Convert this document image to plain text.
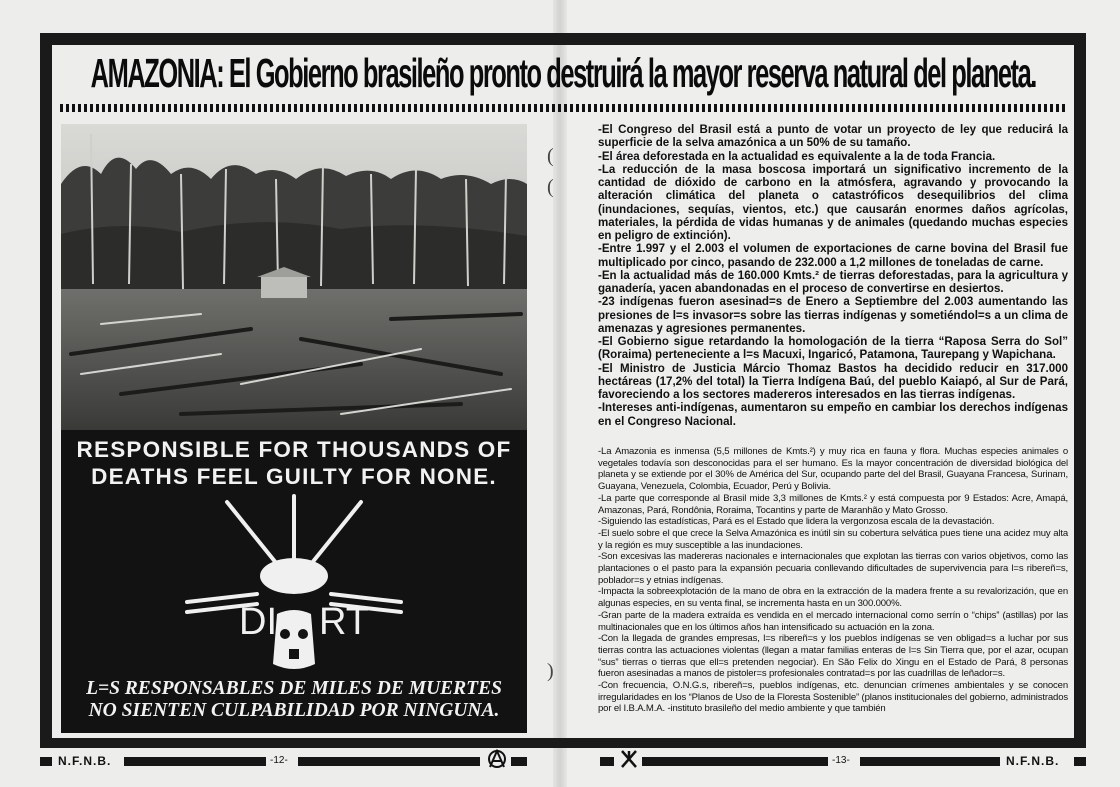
AMAZONIA: El Gobierno brasileño pronto destruirá la mayor reserva natural del planeta.
RESPONSIBLE FOR THOUSANDS OF
DEATHS FEEL GUILTY FOR NONE.
DI RT
L=S RESPONSABLES DE MILES DE MUERTES
NO SIENTEN CULPABILIDAD POR NINGUNA.
(
(
)

-El Congreso del Brasil está a punto de votar un proyecto de ley que reducirá la superficie de la selva amazónica a un 50% de su tamaño.

-El área deforestada en la actualidad es equivalente a la de toda Francia.

-La reducción de la masa boscosa importará un significativo incremento de la cantidad de dióxido de carbono en la atmósfera, agravando y provocando la alteración climática del planeta o catastróficos desequilibrios del clima (inundaciones, sequías, vientos, etc.) que causarán enormes daños agrícolas, materiales, la pérdida de vidas humanas y de animales (quedando muchas especies en peligro de extinción).

-Entre 1.997 y el 2.003 el volumen de exportaciones de carne bovina del Brasil fue multiplicado por cinco, pasando de 232.000 a 1,2 millones de toneladas de carne.

-En la actualidad más de 160.000 Kmts.² de tierras deforestadas, para la agricultura y ganadería, yacen abandonadas en el proceso de convertirse en desiertos.

-23 indígenas fueron asesinad=s de Enero a Septiembre del 2.003 aumentando las presiones de l=s invasor=s sobre las tierras indígenas y sometiéndol=s a un clima de amenazas y agresiones permanentes.

-El Gobierno sigue retardando la homologación de la tierra “Raposa Serra do Sol” (Roraima) perteneciente a l=s Macuxi, Ingaricó, Patamona, Taurepang y Wapichana.

-El Ministro de Justicia Márcio Thomaz Bastos ha decidido reducir en 317.000 hectáreas (17,2% del total) la Tierra Indígena Baú, del pueblo Kaiapó, al Sur de Pará, favoreciendo a los sectores madereros interesados en las tierras indígenas.

-Intereses anti-indígenas, aumentaron su empeño en cambiar los derechos indígenas en el Congreso Nacional.

-La Amazonia es inmensa (5,5 millones de Kmts.²) y muy rica en fauna y flora. Muchas especies animales o vegetales todavía son desconocidas para el ser humano. Es la mayor concentración de diversidad biológica del planeta y se extiende por el 30% de América del Sur, ocupando parte del del Brasil, Guayana Francesa, Surinam, Guayana, Venezuela, Colombia, Ecuador, Perú y Bolivia.

-La parte que corresponde al Brasil mide 3,3 millones de Kmts.² y está compuesta por 9 Estados: Acre, Amapá, Amazonas, Pará, Rondônia, Roraima, Tocantins y parte de Maranhão y Mato Grosso.

-Siguiendo las estadísticas, Pará es el Estado que lidera la vergonzosa escala de la devastación.

-El suelo sobre el que crece la Selva Amazónica es inútil sin su cobertura selvática pues tiene una acidez muy alta y la región es muy susceptible a las inundaciones.

-Son excesivas las madereras nacionales e internacionales que explotan las tierras con varios objetivos, como las plantaciones o el pasto para la expansión pecuaria conllevando dificultades de supervivencia para l=s ribereñ=s, poblador=s y etnias indígenas.

-Impacta la sobreexplotación de la mano de obra en la extracción de la madera frente a su revalorización, que en algunas especies, en su venta final, se incrementa hasta en un 300.000%.

-Gran parte de la madera extraída es vendida en el mercado internacional como serrín o “chips” (astillas) por las multinacionales que en los últimos años han intensificado su actuación en la zona.

-Con la llegada de grandes empresas, l=s ribereñ=s y los pueblos indígenas se ven obligad=s a luchar por sus tierras contra las actuaciones violentas (llegan a matar familias enteras de l=s Sin Tierra que, por el azar, ocupan “sus” tierras o tierras que ell=s pretenden negociar). En São Felix do Xingu en el Estado de Pará, 8 personas fueron asesinadas a manos de pistoler=s profesionales contratad=s por las cuadrillas de leñador=s.

-Con frecuencia, O.N.G.s, ribereñ=s, pueblos indígenas, etc. denuncian crímenes ambientales y se conocen irregularidades en los “Planos de Uso de la Floresta Sostenible” (planos institucionales del gobierno, administrados por el I.B.A.M.A. -instituto brasileño del medio ambiente y que también

N.F.N.B.	-12-	-13-	N.F.N.B.
